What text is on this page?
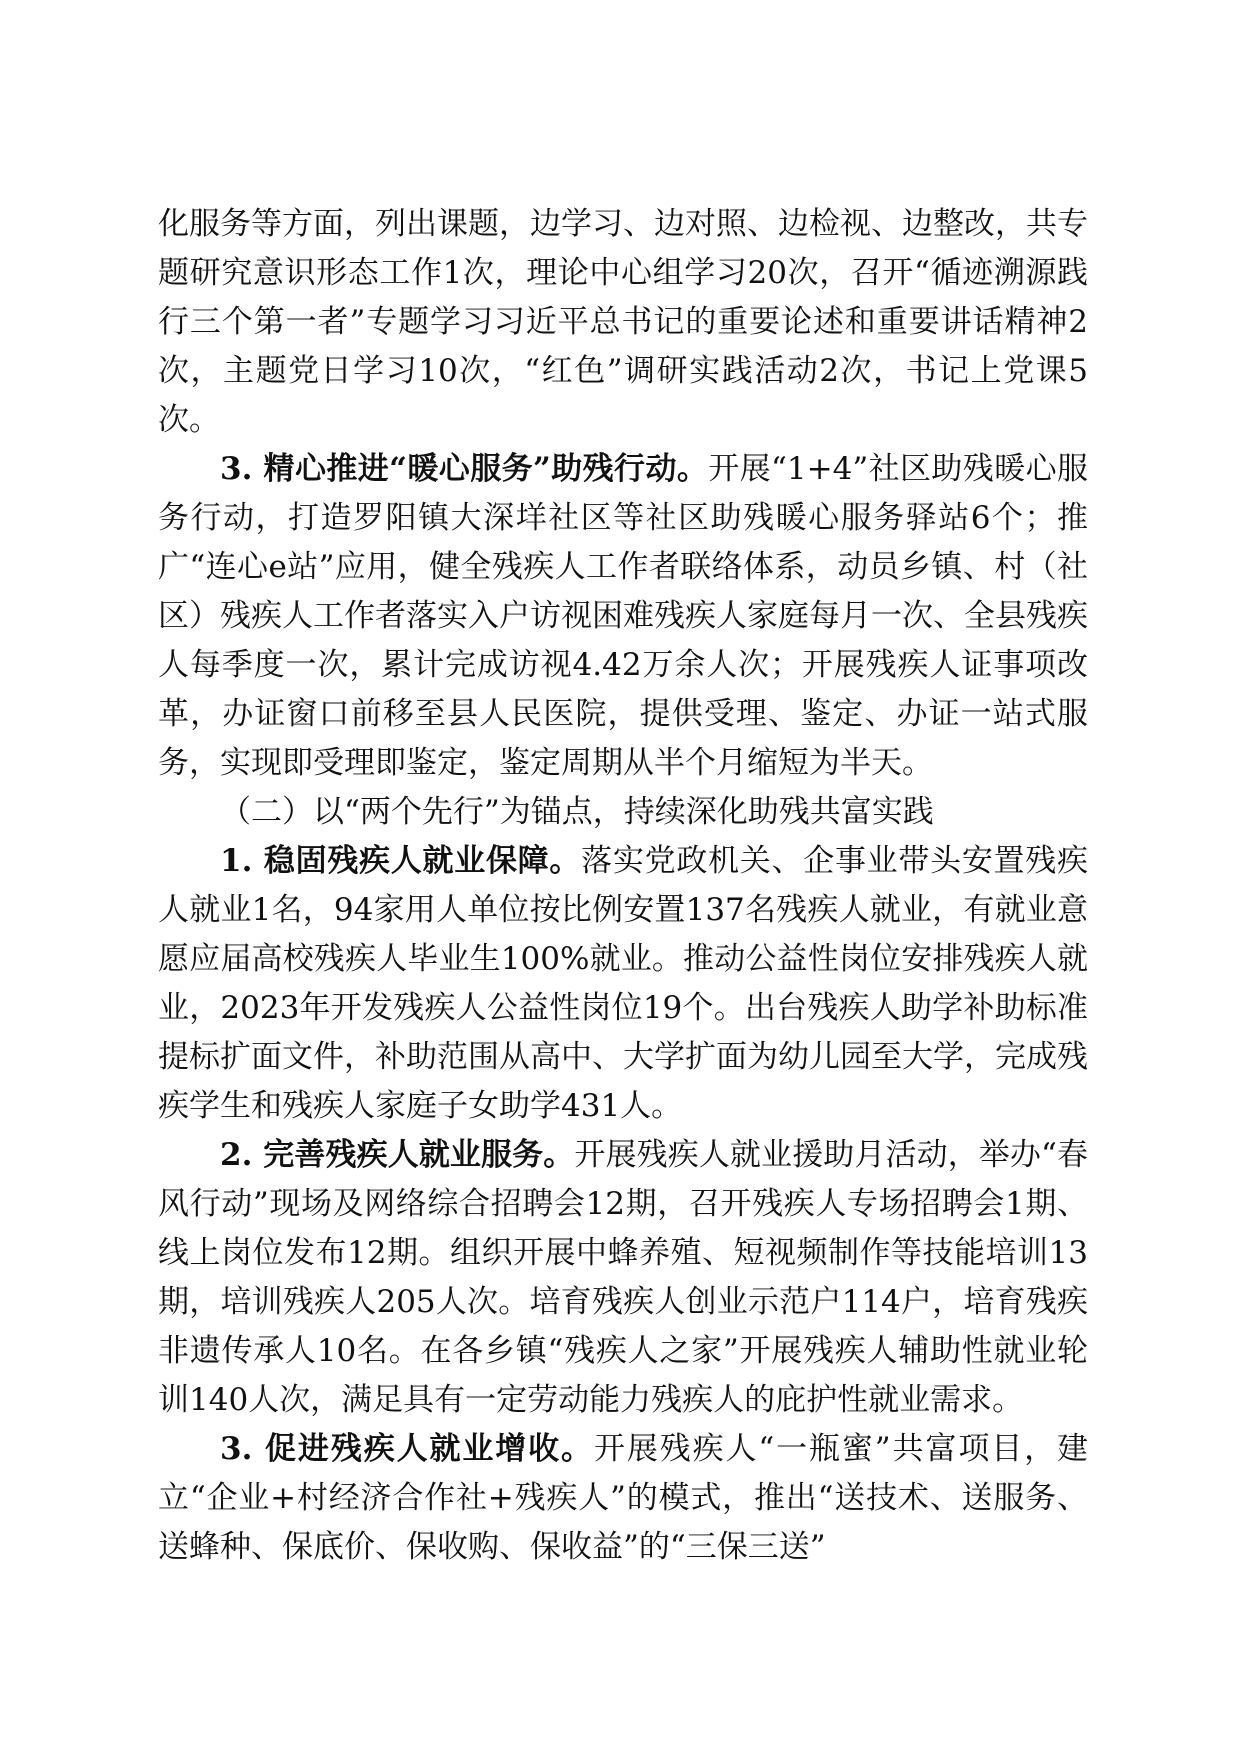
化服务等方面，列出课题，边学习、边对照、边检视、边整改，共专题研究意识形态工作1次，理论中心组学习20次，召开“循迹溯源践行三个第一者”专题学习习近平总书记的重要论述和重要讲话精神2次，主题党日学习10次，“红色”调研实践活动2次，书记上党课5次。

3. 精心推进“暖心服务”助残行动。开展“1+4”社区助残暖心服务行动，打造罗阳镇大深垟社区等社区助残暖心服务驿站6个；推广“连心e站”应用，健全残疾人工作者联络体系，动员乡镇、村（社区）残疾人工作者落实入户访视困难残疾人家庭每月一次、全县残疾人每季度一次，累计完成访视4.42万余人次；开展残疾人证事项改革，办证窗口前移至县人民医院，提供受理、鉴定、办证一站式服务，实现即受理即鉴定，鉴定周期从半个月缩短为半天。

（二）以“两个先行”为锚点，持续深化助残共富实践

1. 稳固残疾人就业保障。落实党政机关、企事业带头安置残疾人就业1名，94家用人单位按比例安置137名残疾人就业，有就业意愿应届高校残疾人毕业生100%就业。推动公益性岗位安排残疾人就业，2023年开发残疾人公益性岗位19个。出台残疾人助学补助标准提标扩面文件，补助范围从高中、大学扩面为幼儿园至大学，完成残疾学生和残疾人家庭子女助学431人。

2. 完善残疾人就业服务。开展残疾人就业援助月活动，举办“春风行动”现场及网络综合招聘会12期，召开残疾人专场招聘会1期、线上岗位发布12期。组织开展中蜂养殖、短视频制作等技能培训13期，培训残疾人205人次。培育残疾人创业示范户114户，培育残疾非遗传承人10名。在各乡镇“残疾人之家”开展残疾人辅助性就业轮训140人次，满足具有一定劳动能力残疾人的庇护性就业需求。

3. 促进残疾人就业增收。开展残疾人“一瓶蜜”共富项目，建立“企业+村经济合作社+残疾人”的模式，推出“送技术、送服务、送蜂种、保底价、保收购、保收益”的“三保三送”
